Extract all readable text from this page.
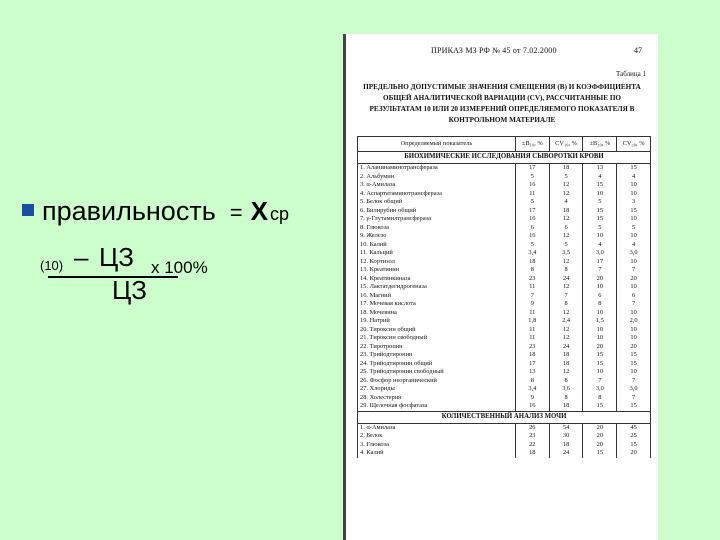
правильность = X ср
(10) – ЦЗ х 100%
ЦЗ
ПРИКАЗ МЗ РФ № 45 от 7.02.2000	47
Таблица 1
ПРЕДЕЛЬНО ДОПУСТИМЫЕ ЗНАЧЕНИЯ СМЕЩЕНИЯ (B) И КОЭФФИЦИЕНТА ОБЩЕЙ АНАЛИТИЧЕСКОЙ ВАРИАЦИИ (CV), РАССЧИТАННЫЕ ПО РЕЗУЛЬТАТАМ 10 ИЛИ 20 ИЗМЕРЕНИЙ ОПРЕДЕЛЯЕМОГО ПОКАЗАТЕЛЯ В КОНТРОЛЬНОМ МАТЕРИАЛЕ
Определяемый показатель	±B₁₀, %	CV₁₀, %	±B₂₀, %	CV₂₀, %
БИОХИМИЧЕСКИЕ ИССЛЕДОВАНИЯ СЫВОРОТКИ КРОВИ				
1. Аланинаминотрансфераза	17	18	13	15
2. Альбумин	5	5	4	4
3. α-Амилаза	16	12	15	10
4. Аспартатаминотрансфераза	11	12	10	10
5. Белок общий	5	4	5	3
6. Билирубин общий	17	18	15	15
7. γ-Глутамилтрансфераза	16	12	15	10
8. Глюкоза	6	6	5	5
9. Железо	16	12	10	10
10. Калий	5	5	4	4
11. Кальций	3,4	3,5	3,0	3,0
12. Кортизол	18	12	17	10
13. Креатинин	8	8	7	7
14. Креатинкиназа	23	24	20	20
15. Лактатдегидрогеназа	11	12	10	10
16. Магний	7	7	6	6
17. Мочевая кислота	9	8	8	7
18. Мочевина	11	12	10	10
19. Натрий	1,8	2,4	1,5	2,0
20. Тироксин общий	11	12	10	10
21. Тироксин свободный	11	12	10	10
22. Тиротропин	23	24	20	20
23. Трийодтиронин	18	18	15	15
24. Трийодтиронин общий	17	18	15	15
25. Трийодтиронин свободный	13	12	10	10
26. Фосфор неорганический	8	8	7	7
27. Хлориды	3,4	3,6	3,0	3,0
28. Холестерин	9	8	8	7
29. Щелочная фосфатаза	16	18	15	15
КОЛИЧЕСТВЕННЫЙ АНАЛИЗ МОЧИ				
1. α-Амилаза	26	54	20	45
2. Белок	23	30	20	25
3. Глюкоза	22	18	20	15
4. Калий	18	24	15	20
